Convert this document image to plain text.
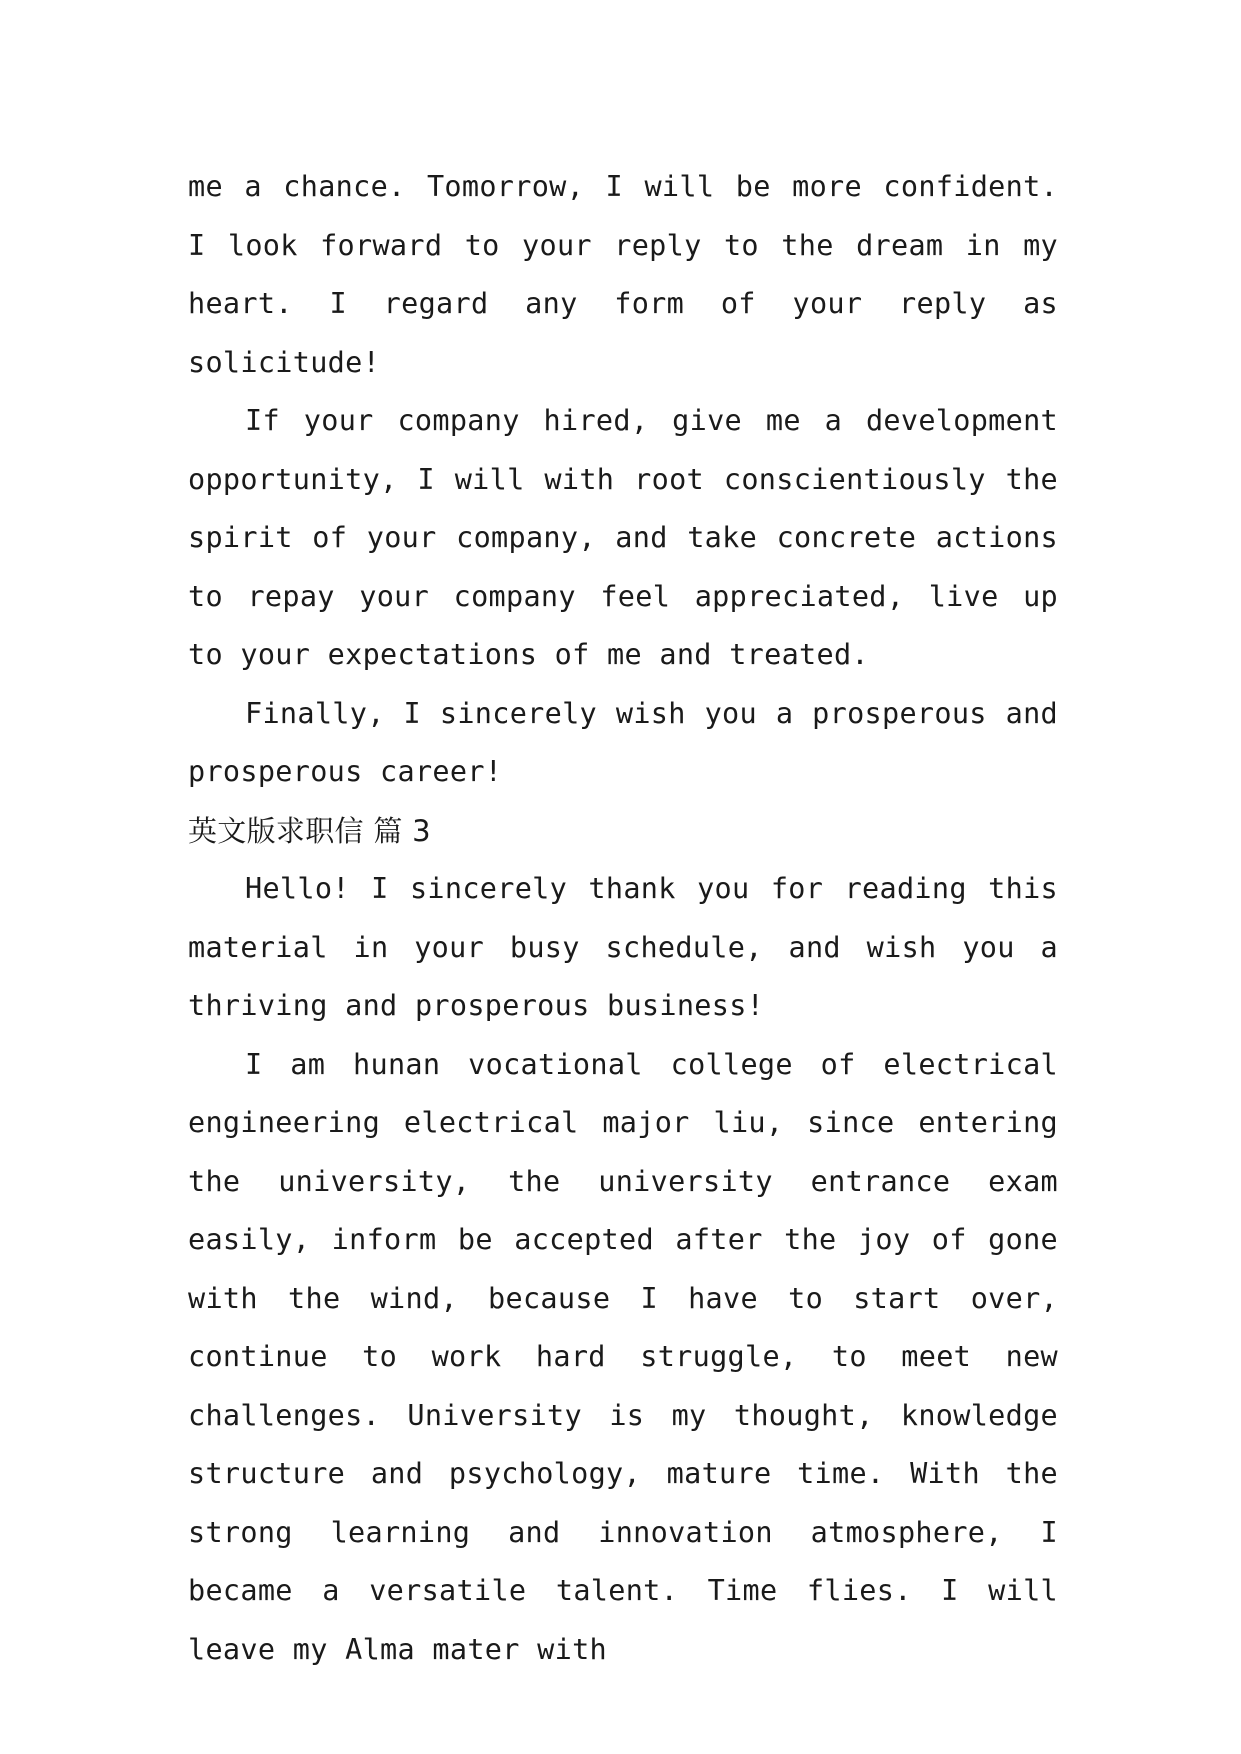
me a chance. Tomorrow, I will be more confident. I look forward to your reply to the dream in my heart. I regard any form of your reply as solicitude!

If your company hired, give me a development opportunity, I will with root conscientiously the spirit of your company, and take concrete actions to repay your company feel appreciated, live up to your expectations of me and treated.

Finally, I sincerely wish you a prosperous and prosperous career!

英文版求职信 篇 3

Hello! I sincerely thank you for reading this material in your busy schedule, and wish you a thriving and prosperous business!

I am hunan vocational college of electrical engineering electrical major liu, since entering the university, the university entrance exam easily, inform be accepted after the joy of gone with the wind, because I have to start over, continue to work hard struggle, to meet new challenges. University is my thought, knowledge structure and psychology, mature time. With the strong learning and innovation atmosphere, I became a versatile talent. Time flies. I will leave my Alma mater with
